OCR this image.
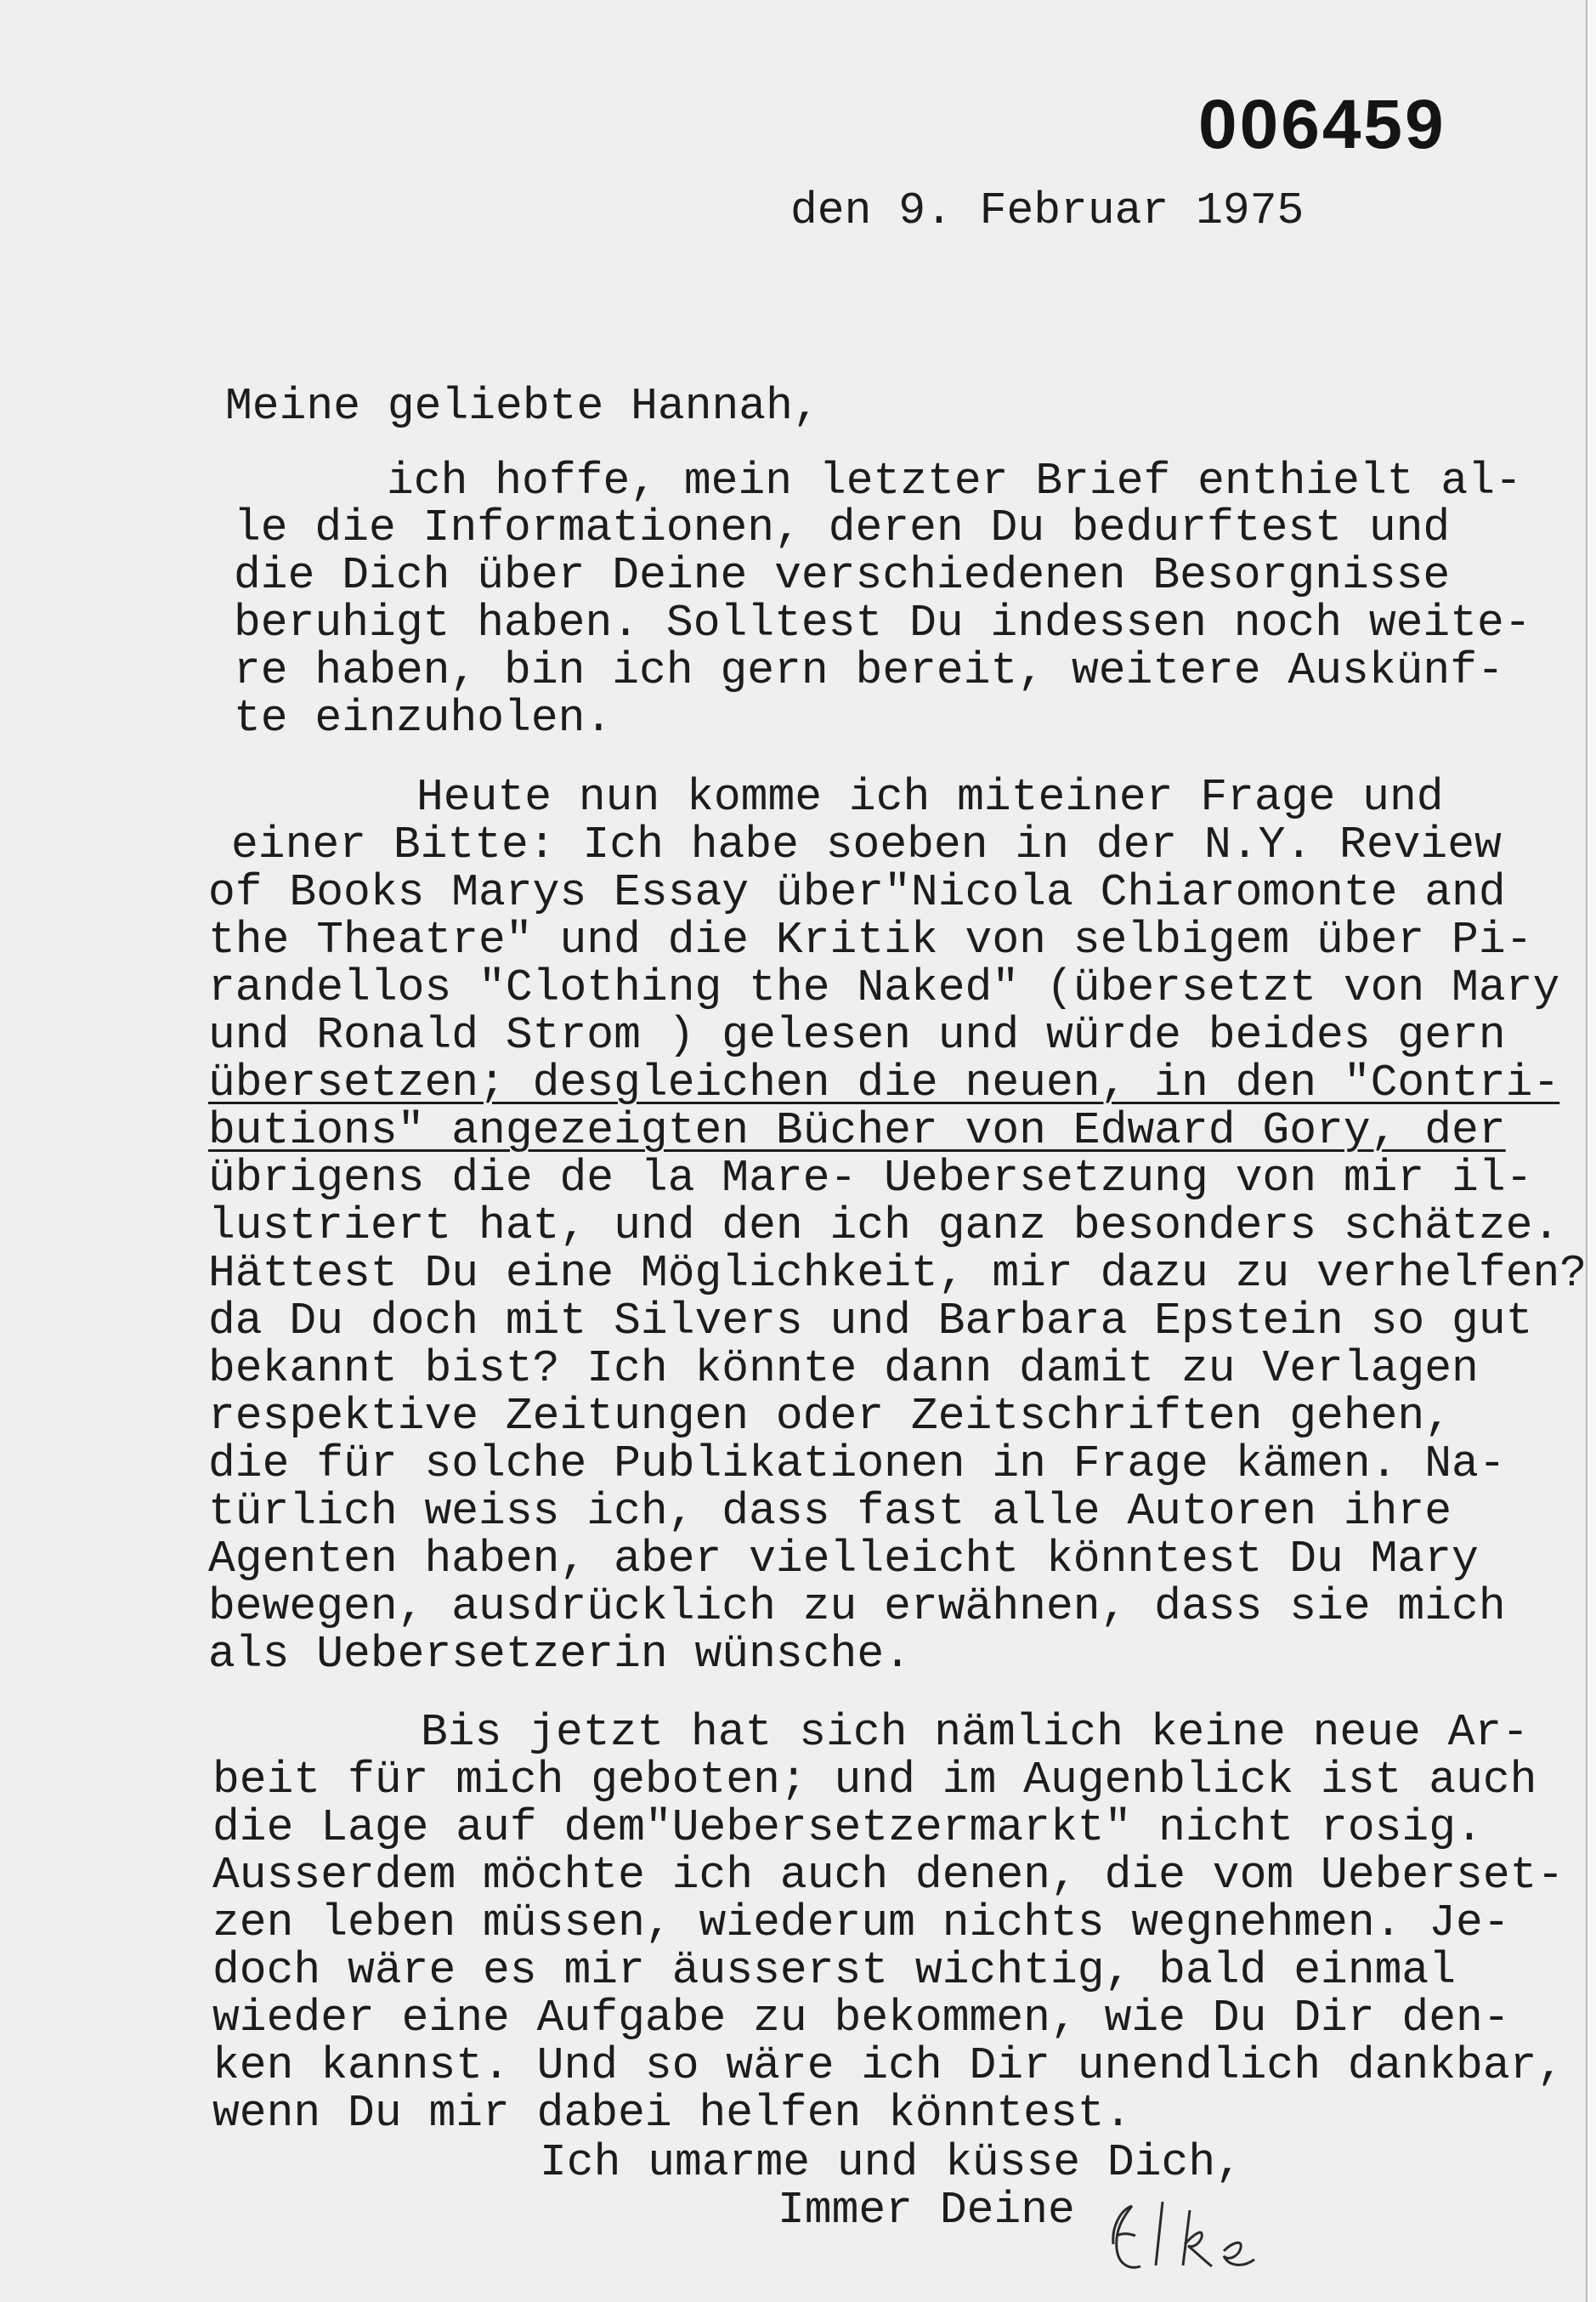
006459
den 9. Februar 1975
Meine geliebte Hannah,
ich hoffe, mein letzter Brief enthielt al-
le die Informationen, deren Du bedurftest und
die Dich über Deine verschiedenen Besorgnisse
beruhigt haben. Solltest Du indessen noch weite-
re haben, bin ich gern bereit, weitere Auskünf-
te einzuholen.
Heute nun komme ich miteiner Frage und
einer Bitte: Ich habe soeben in der N.Y. Review
of Books Marys Essay über"Nicola Chiaromonte and
the Theatre" und die Kritik von selbigem über Pi-
randellos "Clothing the Naked" (übersetzt von Mary
und Ronald Strom ) gelesen und würde beides gern
übersetzen; desgleichen die neuen, in den "Contri-
butions" angezeigten Bücher von Edward Gory, der
übrigens die de la Mare- Uebersetzung von mir il-
lustriert hat, und den ich ganz besonders schätze.
Hättest Du eine Möglichkeit, mir dazu zu verhelfen?
da Du doch mit Silvers und Barbara Epstein so gut
bekannt bist? Ich könnte dann damit zu Verlagen
respektive Zeitungen oder Zeitschriften gehen,
die für solche Publikationen in Frage kämen. Na-
türlich weiss ich, dass fast alle Autoren ihre
Agenten haben, aber vielleicht könntest Du Mary
bewegen, ausdrücklich zu erwähnen, dass sie mich
als Uebersetzerin wünsche.
Bis jetzt hat sich nämlich keine neue Ar-
beit für mich geboten; und im Augenblick ist auch
die Lage auf dem"Uebersetzermarkt" nicht rosig.
Ausserdem möchte ich auch denen, die vom Ueberset-
zen leben müssen, wiederum nichts wegnehmen. Je-
doch wäre es mir äusserst wichtig, bald einmal
wieder eine Aufgabe zu bekommen, wie Du Dir den-
ken kannst. Und so wäre ich Dir unendlich dankbar,
wenn Du mir dabei helfen könntest.
Ich umarme und küsse Dich,
Immer Deine
